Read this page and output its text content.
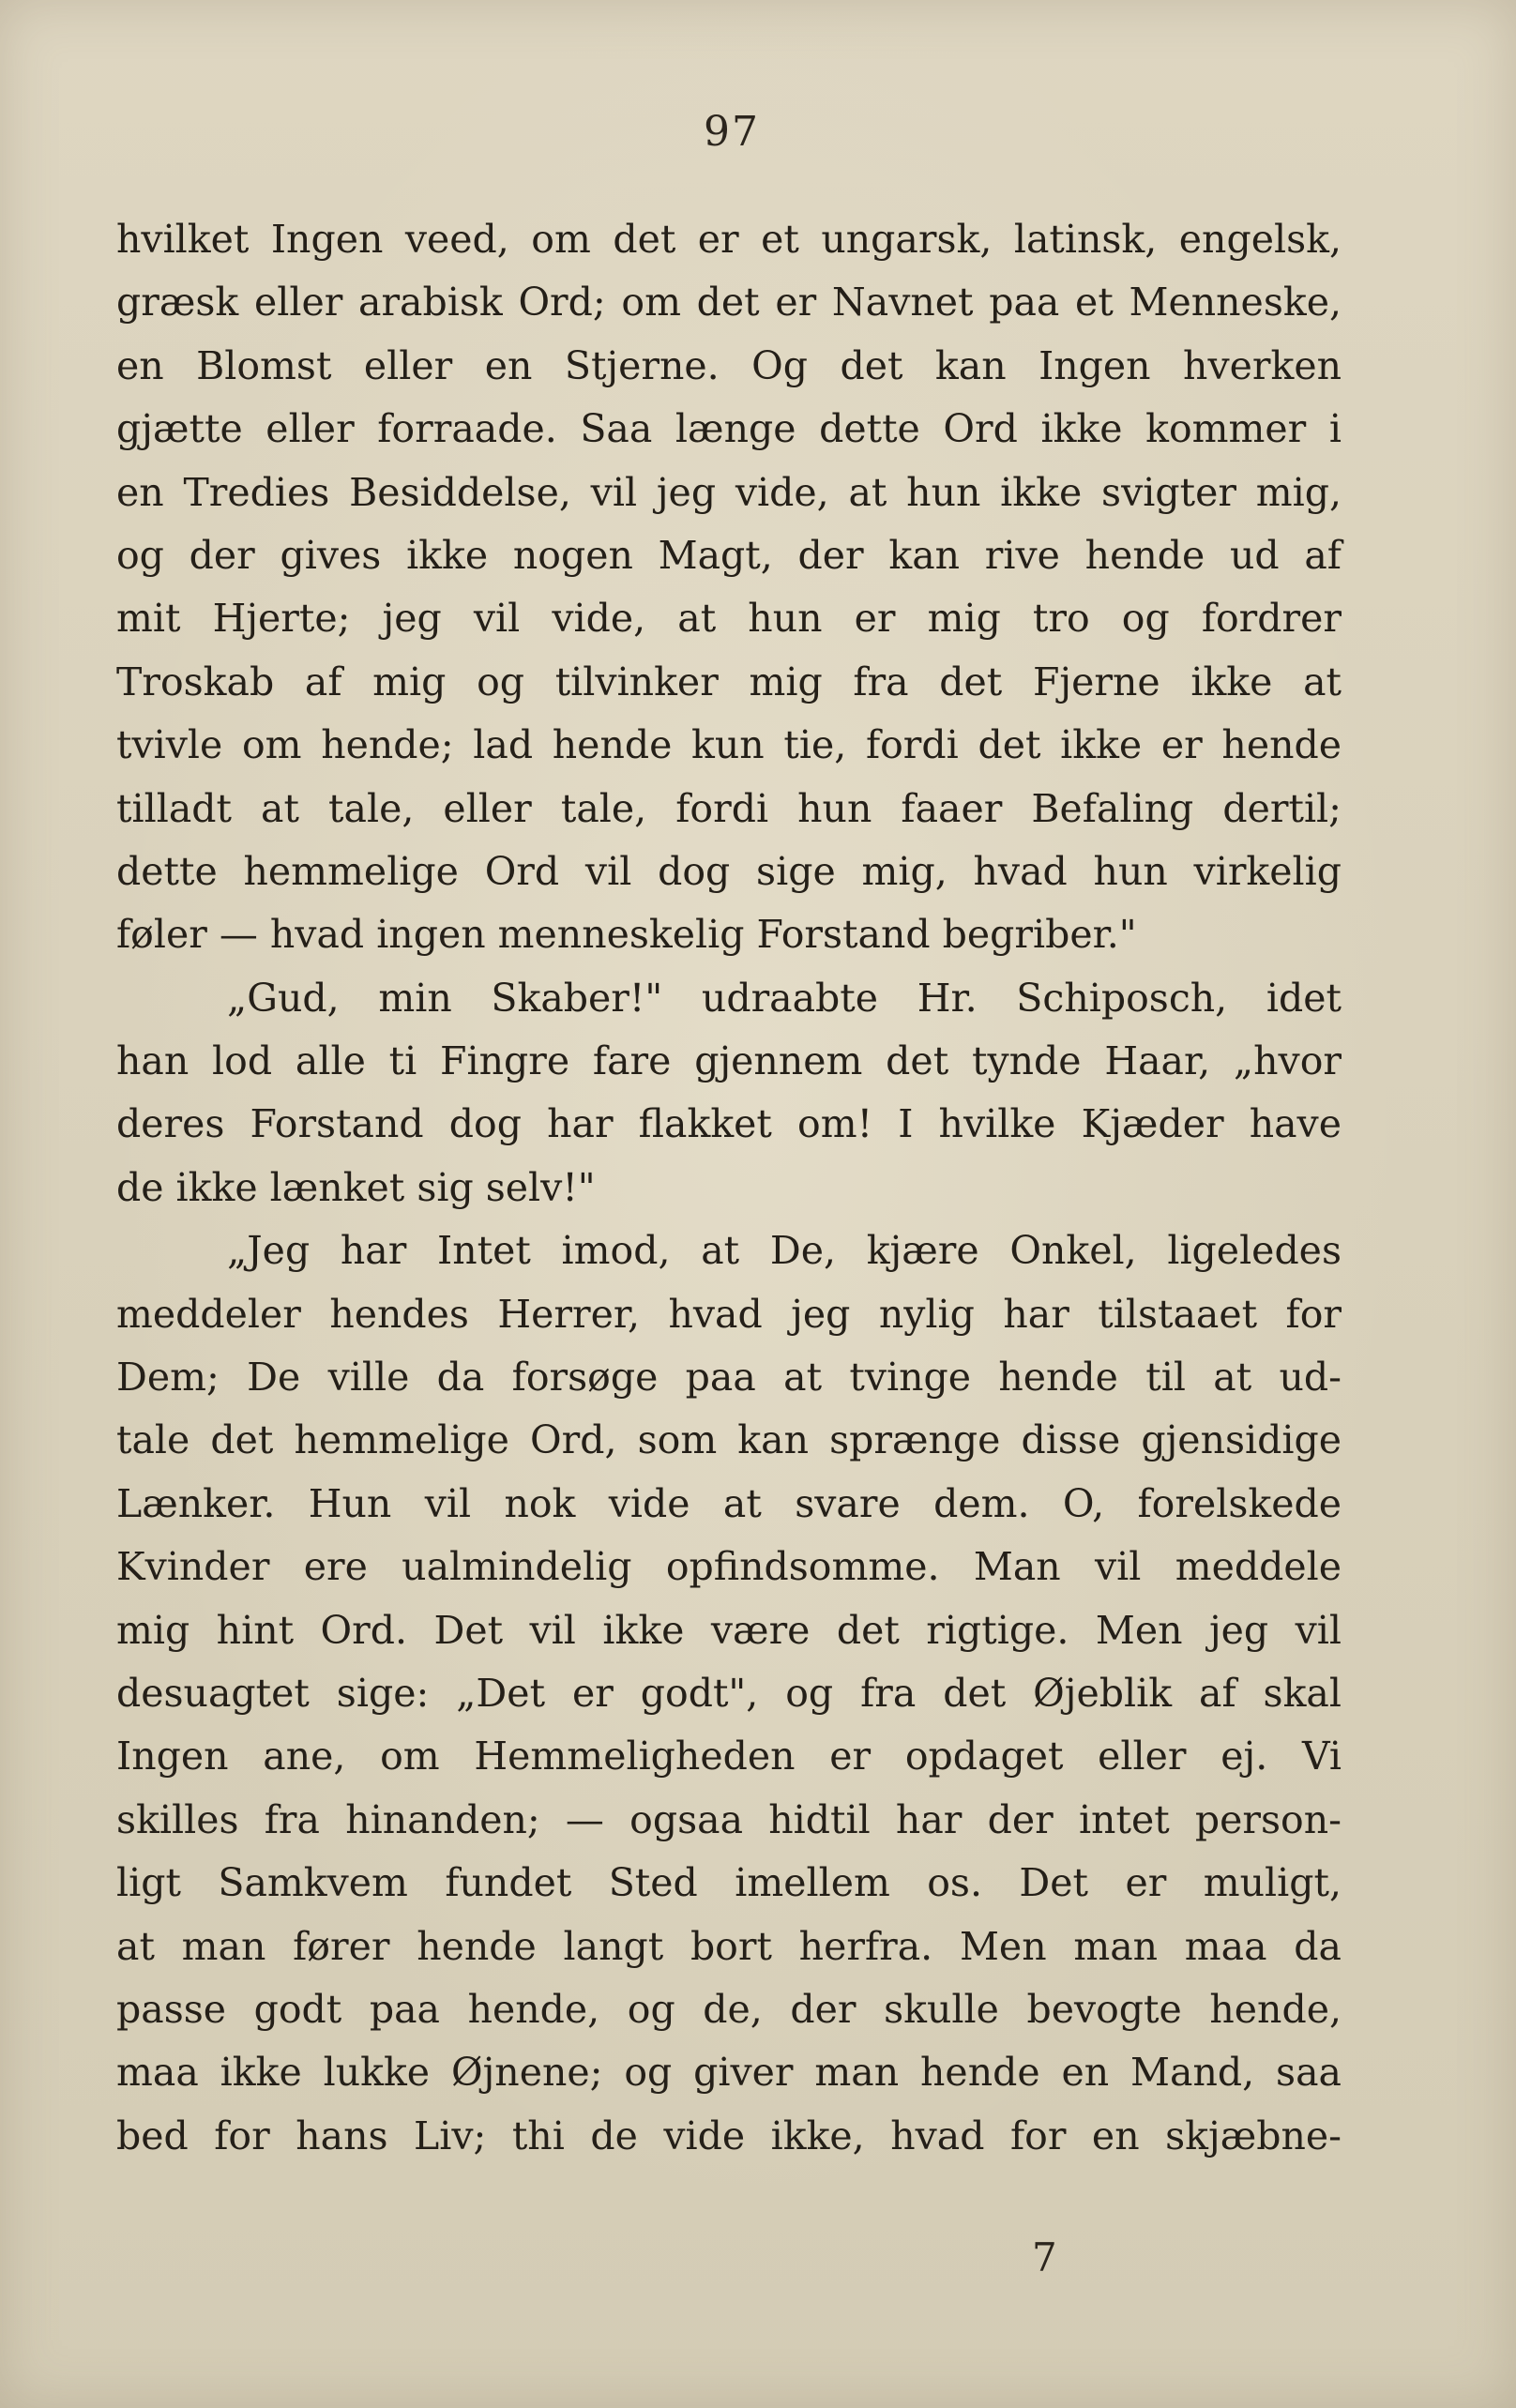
97
hvilket Ingen veed, om det er et ungarsk, latinsk, engelsk,
græsk eller arabisk Ord; om det er Navnet paa et Menneske,
en Blomst eller en Stjerne. Og det kan Ingen hverken
gjætte eller forraade. Saa længe dette Ord ikke kommer i
en Tredies Besiddelse, vil jeg vide, at hun ikke svigter mig,
og der gives ikke nogen Magt, der kan rive hende ud af
mit Hjerte; jeg vil vide, at hun er mig tro og fordrer
Troskab af mig og tilvinker mig fra det Fjerne ikke at
tvivle om hende; lad hende kun tie, fordi det ikke er hende
tilladt at tale, eller tale, fordi hun faaer Befaling dertil;
dette hemmelige Ord vil dog sige mig, hvad hun virkelig
føler — hvad ingen menneskelig Forstand begriber."
„Gud, min Skaber!" udraabte Hr. Schiposch, idet
han lod alle ti Fingre fare gjennem det tynde Haar, „hvor
deres Forstand dog har flakket om! I hvilke Kjæder have
de ikke lænket sig selv!"
„Jeg har Intet imod, at De, kjære Onkel, ligeledes
meddeler hendes Herrer, hvad jeg nylig har tilstaaet for
Dem; De ville da forsøge paa at tvinge hende til at ud-
tale det hemmelige Ord, som kan sprænge disse gjensidige
Lænker. Hun vil nok vide at svare dem. O, forelskede
Kvinder ere ualmindelig opfindsomme. Man vil meddele
mig hint Ord. Det vil ikke være det rigtige. Men jeg vil
desuagtet sige: „Det er godt", og fra det Øjeblik af skal
Ingen ane, om Hemmeligheden er opdaget eller ej. Vi
skilles fra hinanden; — ogsaa hidtil har der intet person-
ligt Samkvem fundet Sted imellem os. Det er muligt,
at man fører hende langt bort herfra. Men man maa da
passe godt paa hende, og de, der skulle bevogte hende,
maa ikke lukke Øjnene; og giver man hende en Mand, saa
bed for hans Liv; thi de vide ikke, hvad for en skjæbne-
7
